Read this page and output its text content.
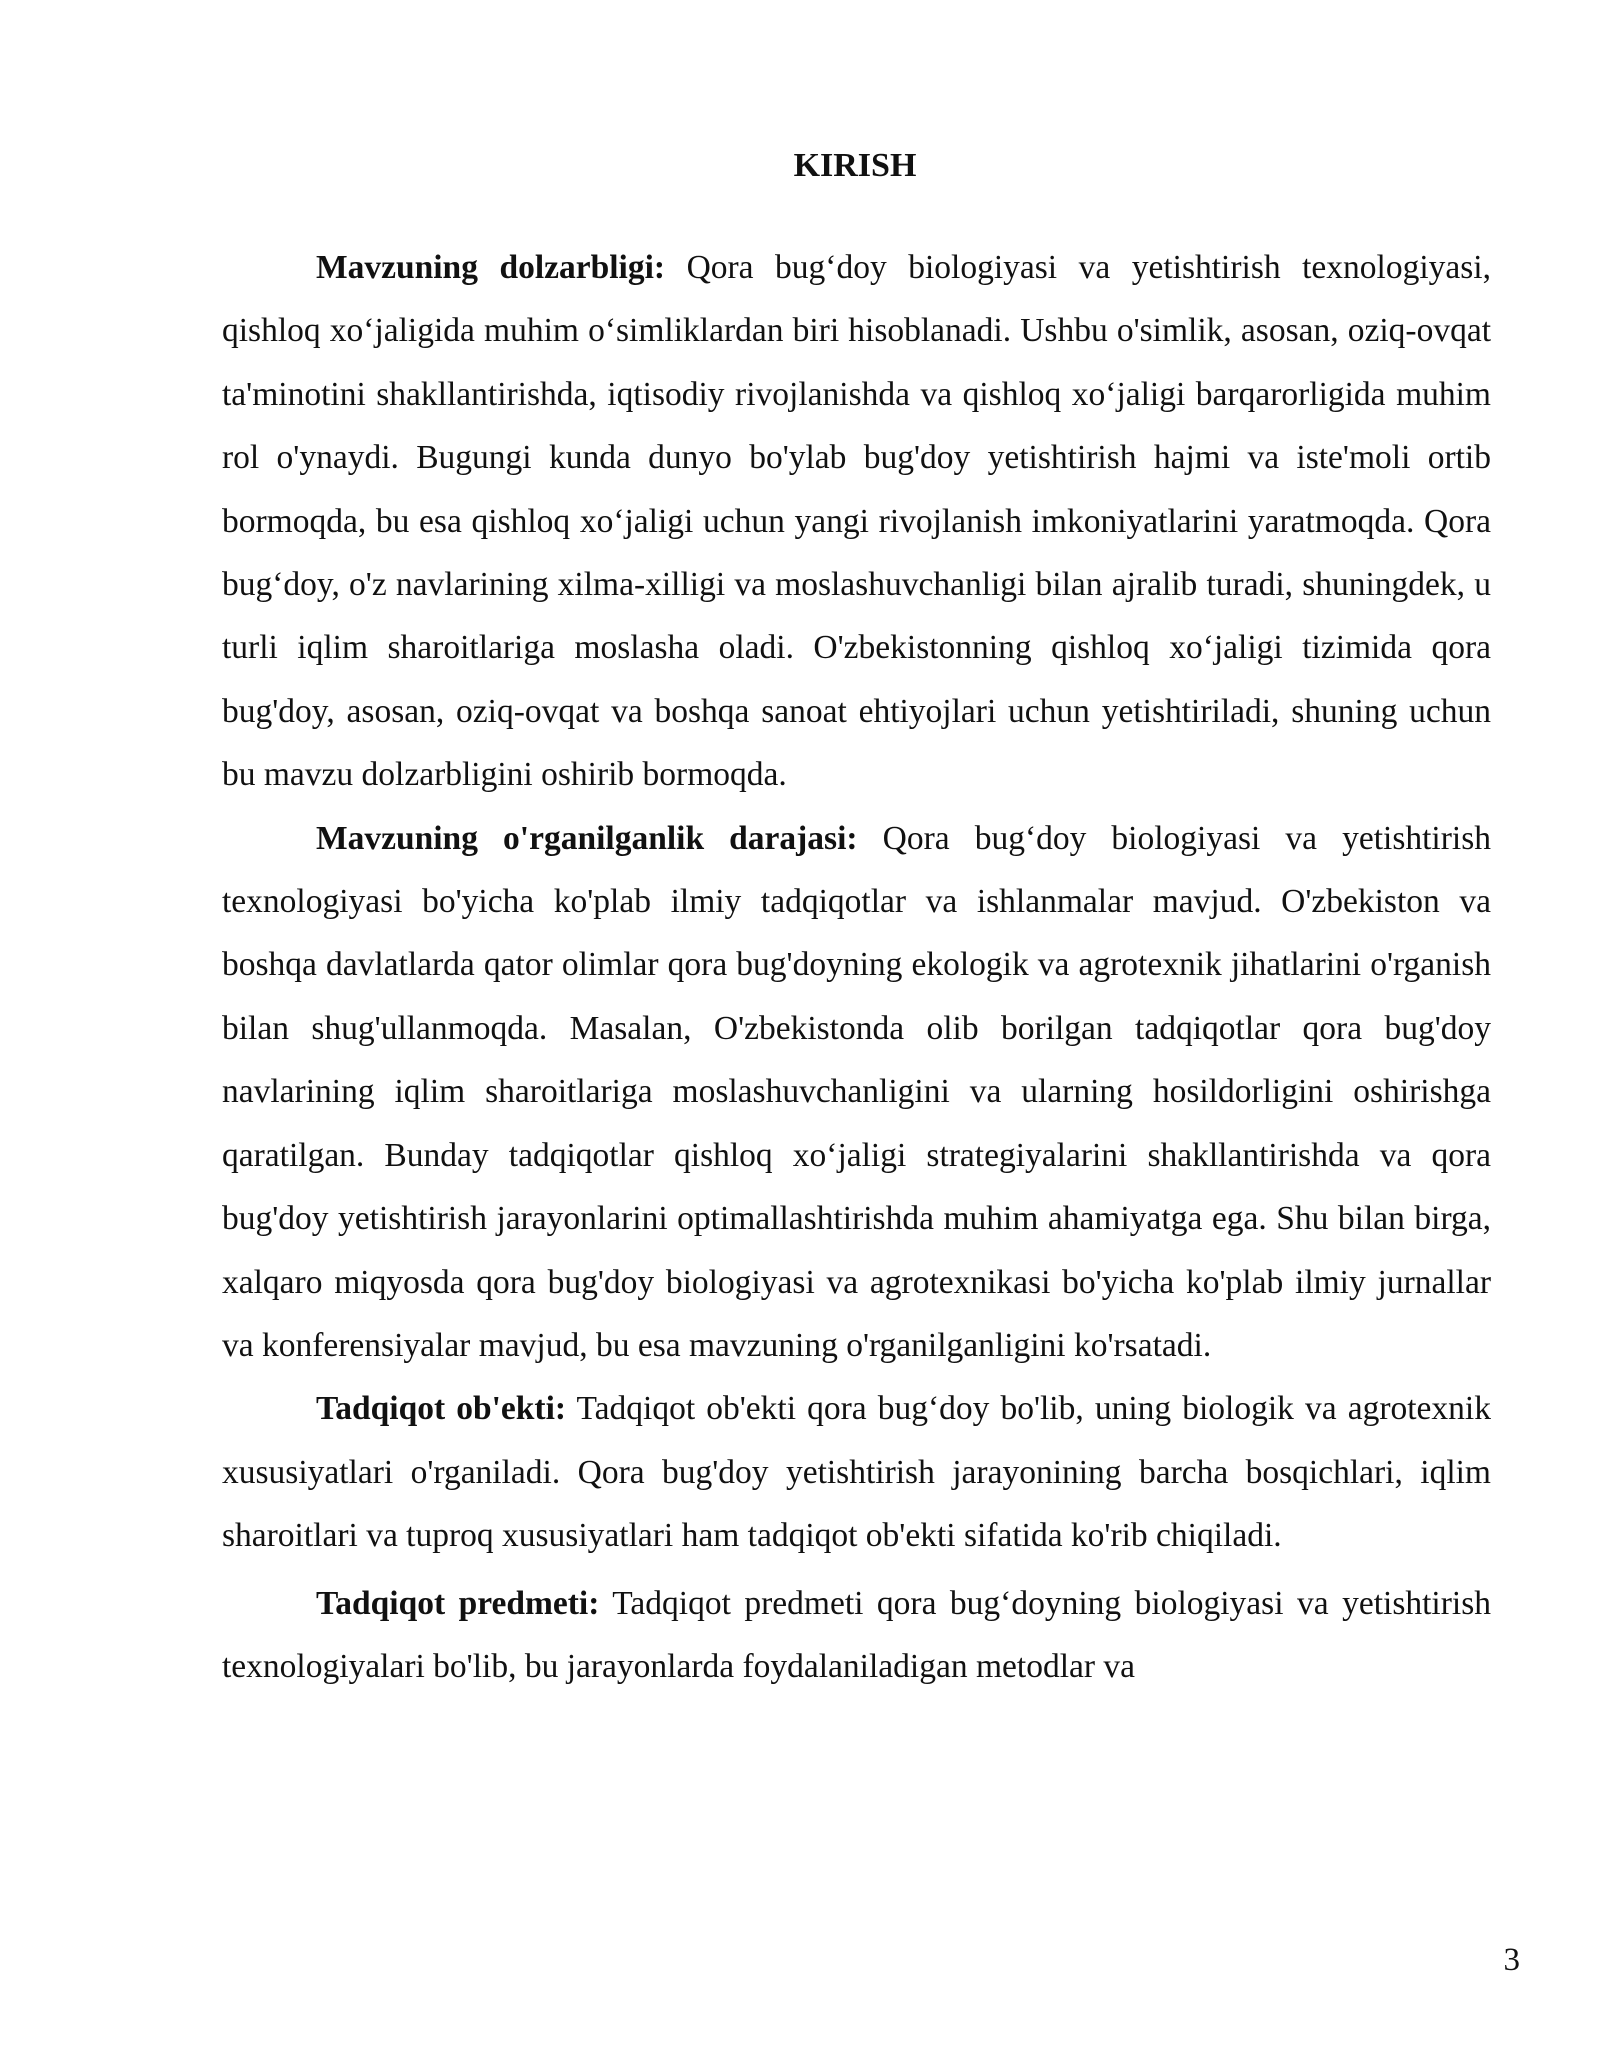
KIRISH

Mavzuning dolzarbligi: Qora bug‘doy biologiyasi va yetishtirish texnologiyasi, qishloq xo‘jaligida muhim o‘simliklardan biri hisoblanadi. Ushbu o'simlik, asosan, oziq-ovqat ta'minotini shakllantirishda, iqtisodiy rivojlanishda va qishloq xo‘jaligi barqarorligida muhim rol o'ynaydi. Bugungi kunda dunyo bo'ylab bug'doy yetishtirish hajmi va iste'moli ortib bormoqda, bu esa qishloq xo‘jaligi uchun yangi rivojlanish imkoniyatlarini yaratmoqda. Qora bug‘doy, o'z navlarining xilma-xilligi va moslashuvchanligi bilan ajralib turadi, shuningdek, u turli iqlim sharoitlariga moslasha oladi. O'zbekistonning qishloq xo‘jaligi tizimida qora bug'doy, asosan, oziq-ovqat va boshqa sanoat ehtiyojlari uchun yetishtiriladi, shuning uchun bu mavzu dolzarbligini oshirib bormoqda.

Mavzuning o'rganilganlik darajasi: Qora bug‘doy biologiyasi va yetishtirish texnologiyasi bo'yicha ko'plab ilmiy tadqiqotlar va ishlanmalar mavjud. O'zbekiston va boshqa davlatlarda qator olimlar qora bug'doyning ekologik va agrotexnik jihatlarini o'rganish bilan shug'ullanmoqda. Masalan, O'zbekistonda olib borilgan tadqiqotlar qora bug'doy navlarining iqlim sharoitlariga moslashuvchanligini va ularning hosildorligini oshirishga qaratilgan. Bunday tadqiqotlar qishloq xo‘jaligi strategiyalarini shakllantirishda va qora bug'doy yetishtirish jarayonlarini optimallashtirishda muhim ahamiyatga ega. Shu bilan birga, xalqaro miqyosda qora bug'doy biologiyasi va agrotexnikasi bo'yicha ko'plab ilmiy jurnallar va konferensiyalar mavjud, bu esa mavzuning o'rganilganligini ko'rsatadi.

Tadqiqot ob'ekti: Tadqiqot ob'ekti qora bug‘doy bo'lib, uning biologik va agrotexnik xususiyatlari o'rganiladi. Qora bug'doy yetishtirish jarayonining barcha bosqichlari, iqlim sharoitlari va tuproq xususiyatlari ham tadqiqot ob'ekti sifatida ko'rib chiqiladi.

Tadqiqot predmeti: Tadqiqot predmeti qora bug‘doyning biologiyasi va yetishtirish texnologiyalari bo'lib, bu jarayonlarda foydalaniladigan metodlar va

3
